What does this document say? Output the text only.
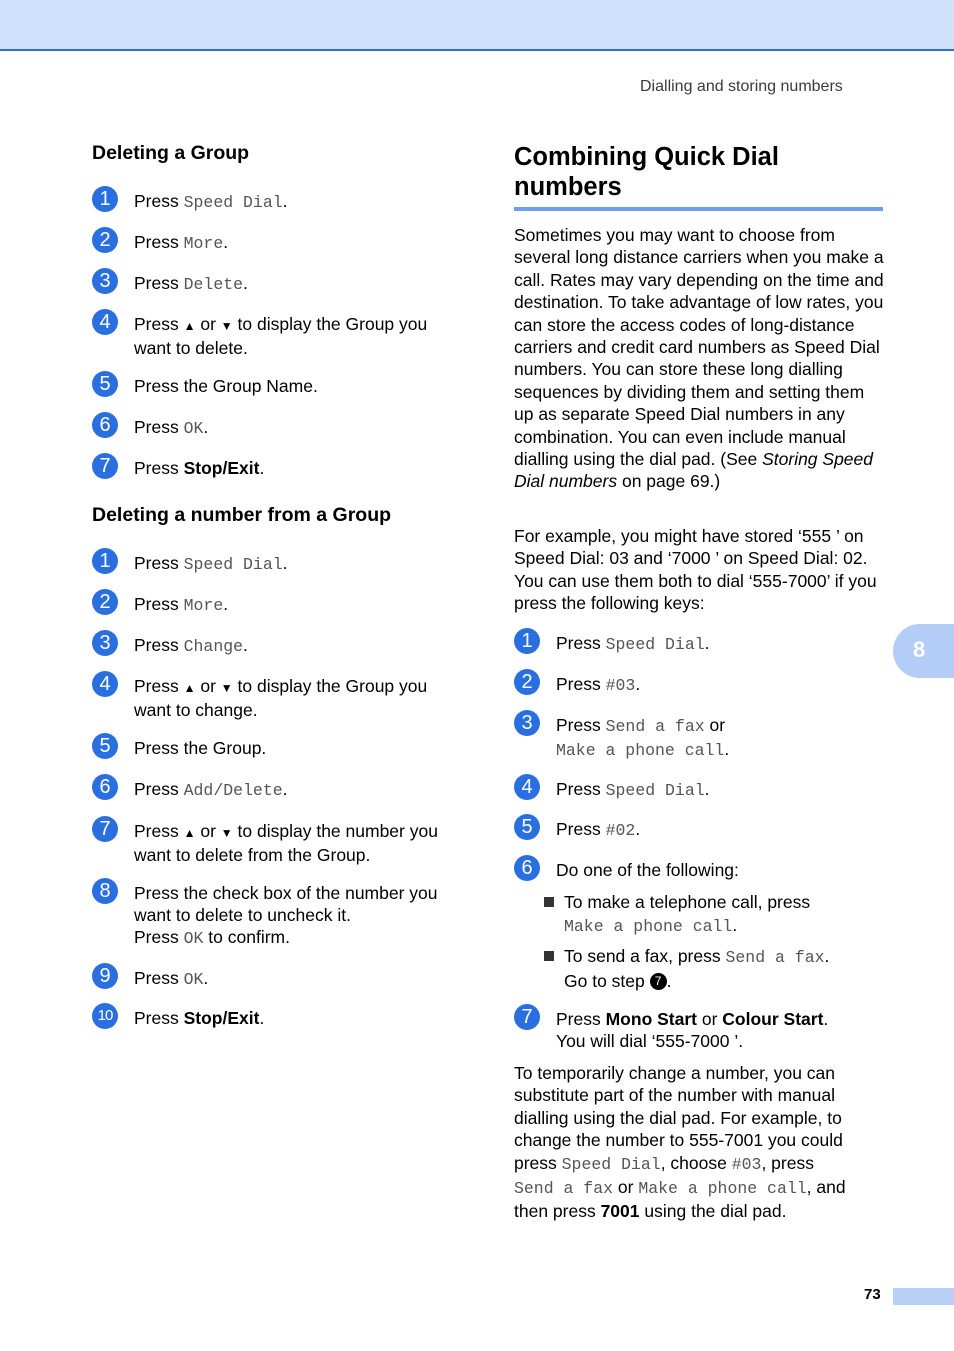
Dialling and storing numbers
Deleting a Group
1	Press Speed Dial.
2	Press More.
3	Press Delete.
4	Press ▲ or ▼ to display the Group you want to delete.
5	Press the Group Name.
6	Press OK.
7	Press Stop/Exit.
Deleting a number from a Group
1	Press Speed Dial.
2	Press More.
3	Press Change.
4	Press ▲ or ▼ to display the Group you want to change.
5	Press the Group.
6	Press Add/Delete.
7	Press ▲ or ▼ to display the number you want to delete from the Group.
8	Press the check box of the number you want to delete to uncheck it.
Press OK to confirm.
9	Press OK.
10	Press Stop/Exit.
Combining Quick Dial
numbers
Sometimes you may want to choose from several long distance carriers when you make a call. Rates may vary depending on the time and destination. To take advantage of low rates, you can store the access codes of long-distance carriers and credit card numbers as Speed Dial numbers. You can store these long dialling sequences by dividing them and setting them up as separate Speed Dial numbers in any combination. You can even include manual dialling using the dial pad. (See Storing Speed Dial numbers on page 69.)
For example, you might have stored ‘555 ’ on Speed Dial: 03 and ‘7000 ’ on Speed Dial: 02. You can use them both to dial ‘555-7000’ if you press the following keys:
1	Press Speed Dial.
2	Press #03.
3	Press Send a fax or
Make a phone call.
4	Press Speed Dial.
5	Press #02.
6	Do one of the following:
To make a telephone call, press
Make a phone call.
To send a fax, press Send a fax.
Go to step 7 .
7	Press Mono Start or Colour Start.
You will dial ‘555-7000 ’.
To temporarily change a number, you can substitute part of the number with manual dialling using the dial pad. For example, to change the number to 555-7001 you could press Speed Dial, choose #03, press
Send a fax or Make a phone call, and then press 7001 using the dial pad.
8
73
